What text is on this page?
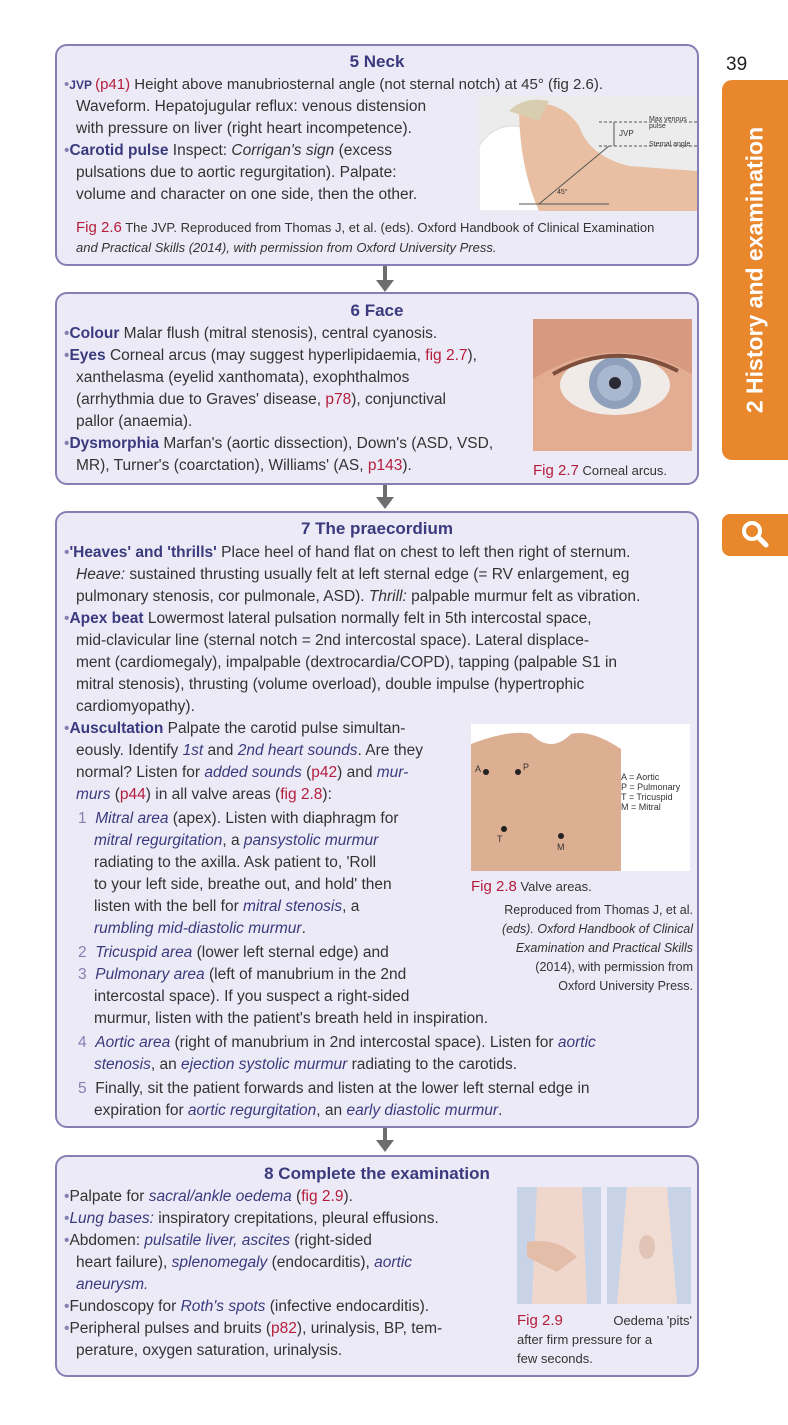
39
2 History and examination
5 Neck
•JVP (p41) Height above manubriosternal angle (not sternal notch) at 45° (fig 2.6).
Waveform. Hepatojugular reflux: venous distension
with pressure on liver (right heart incompetence).
•Carotid pulse Inspect: Corrigan's sign (excess
pulsations due to aortic regurgitation). Palpate:
volume and character on one side, then the other.
Fig 2.6 The JVP. Reproduced from Thomas J, et al. (eds). Oxford Handbook of Clinical Examination
and Practical Skills (2014), with permission from Oxford University Press.
Max venous pulse
JVP
Sternal angle
45°
6 Face
•Colour Malar flush (mitral stenosis), central cyanosis.
•Eyes Corneal arcus (may suggest hyperlipidaemia, fig 2.7),
xanthelasma (eyelid xanthomata), exophthalmos
(arrhythmia due to Graves' disease, p78), conjunctival
pallor (anaemia).
•Dysmorphia Marfan's (aortic dissection), Down's (ASD, VSD,
MR), Turner's (coarctation), Williams' (AS, p143).	Fig 2.7 Corneal arcus.
7 The praecordium
•'Heaves' and 'thrills' Place heel of hand flat on chest to left then right of sternum.
Heave: sustained thrusting usually felt at left sternal edge (= RV enlargement, eg
pulmonary stenosis, cor pulmonale, ASD). Thrill: palpable murmur felt as vibration.
•Apex beat Lowermost lateral pulsation normally felt in 5th intercostal space,
mid-clavicular line (sternal notch = 2nd intercostal space). Lateral displace-
ment (cardiomegaly), impalpable (dextrocardia/COPD), tapping (palpable S1 in
mitral stenosis), thrusting (volume overload), double impulse (hypertrophic
cardiomyopathy).
•Auscultation Palpate the carotid pulse simultan-
eously. Identify 1st and 2nd heart sounds. Are they
normal? Listen for added sounds (p42) and mur-
murs (p44) in all valve areas (fig 2.8):
1 Mitral area (apex). Listen with diaphragm for
mitral regurgitation, a pansystolic murmur
radiating to the axilla. Ask patient to, 'Roll
to your left side, breathe out, and hold' then
listen with the bell for mitral stenosis, a
rumbling mid-diastolic murmur.
2 Tricuspid area (lower left sternal edge) and
3 Pulmonary area (left of manubrium in the 2nd
intercostal space). If you suspect a right-sided
murmur, listen with the patient's breath held in inspiration.
4 Aortic area (right of manubrium in 2nd intercostal space). Listen for aortic
stenosis, an ejection systolic murmur radiating to the carotids.
5 Finally, sit the patient forwards and listen at the lower left sternal edge in
expiration for aortic regurgitation, an early diastolic murmur.
A	P
T
M
A = Aortic
P = Pulmonary
T = Tricuspid
M = Mitral
Fig 2.8 Valve areas.
Reproduced from Thomas J, et al.
(eds). Oxford Handbook of Clinical
Examination and Practical Skills
(2014), with permission from
Oxford University Press.
8 Complete the examination
•Palpate for sacral/ankle oedema (fig 2.9).
•Lung bases: inspiratory crepitations, pleural effusions.
•Abdomen: pulsatile liver, ascites (right-sided
heart failure), splenomegaly (endocarditis), aortic
aneurysm.
•Fundoscopy for Roth's spots (infective endocarditis).
•Peripheral pulses and bruits (p82), urinalysis, BP, tem-
perature, oxygen saturation, urinalysis.
Fig 2.9	Oedema 'pits'
after firm pressure for a
few seconds.
